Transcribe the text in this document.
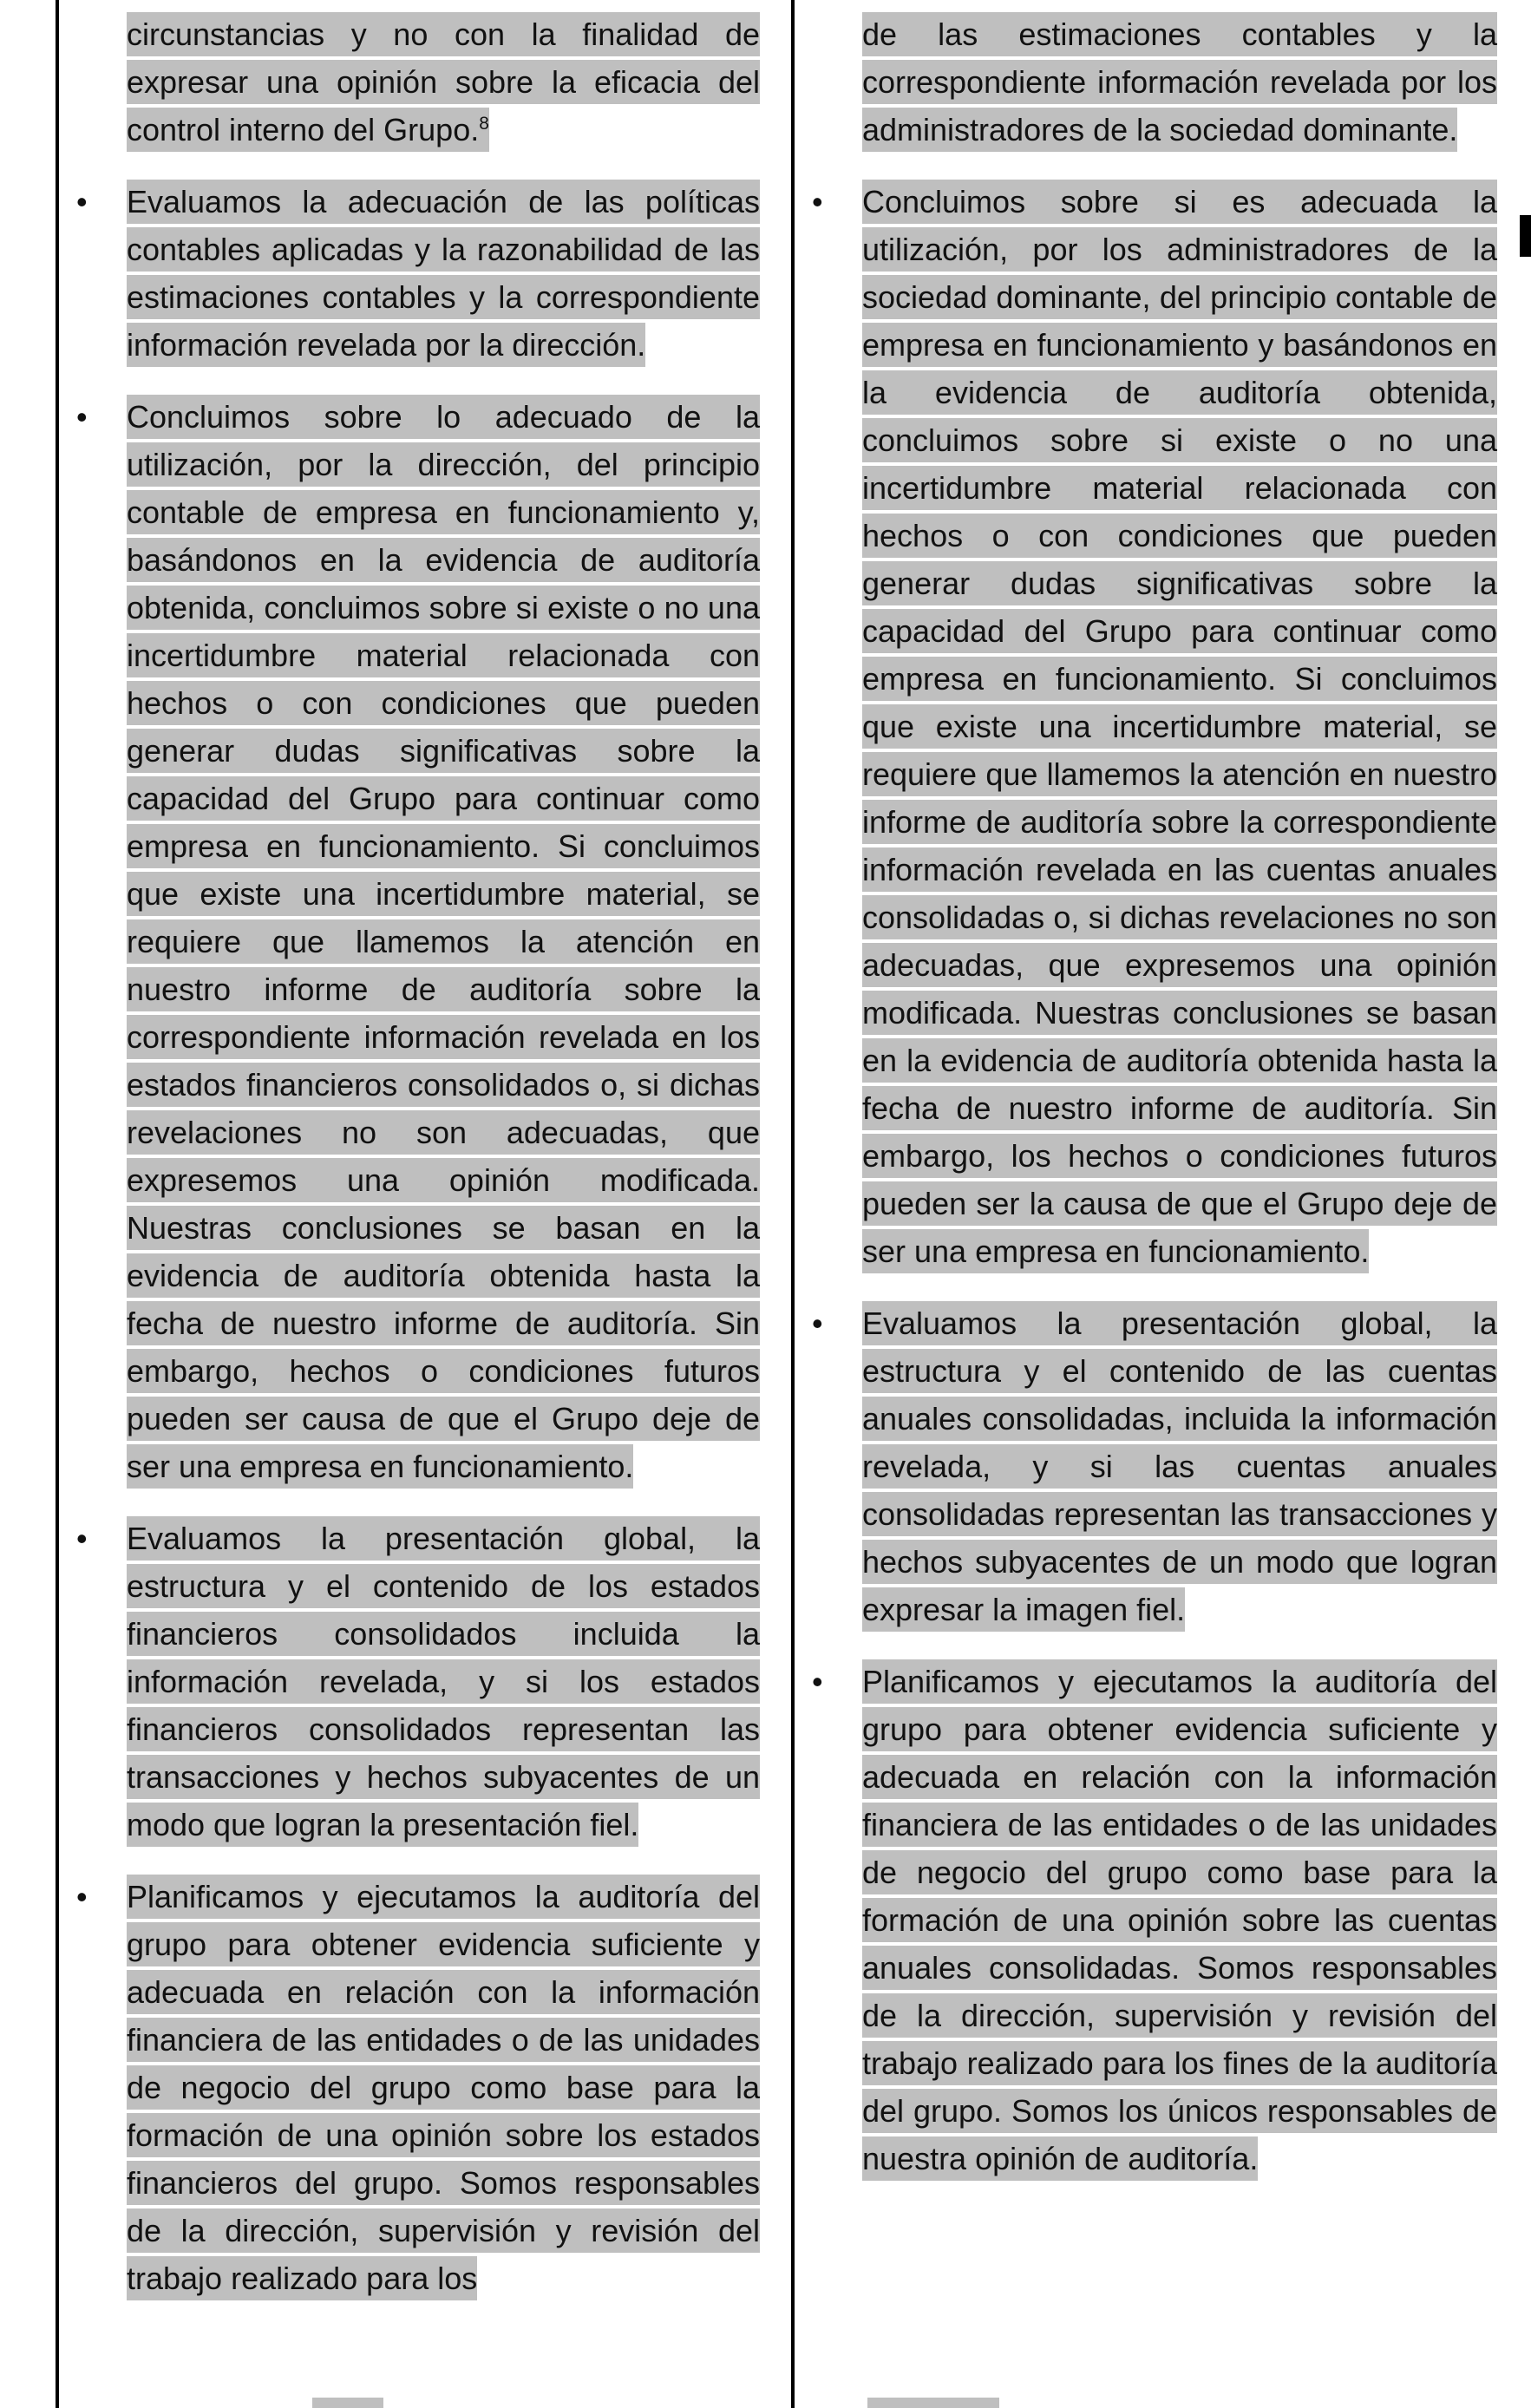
circunstancias y no con la finalidad de expresar una opinión sobre la eficacia del control interno del Grupo.$^8$
•	Evaluamos la adecuación de las políticas contables aplicadas y la razonabilidad de las estimaciones contables y la correspondiente información revelada por la dirección.
•	Concluimos sobre lo adecuado de la utilización, por la dirección, del principio contable de empresa en funcionamiento y, basándonos en la evidencia de auditoría obtenida, concluimos sobre si existe o no una incertidumbre material relacionada con hechos o con condiciones que pueden generar dudas significativas sobre la capacidad del Grupo para continuar como empresa en funcionamiento. Si concluimos que existe una incertidumbre material, se requiere que llamemos la atención en nuestro informe de auditoría sobre la correspondiente información revelada en los estados financieros consolidados o, si dichas revelaciones no son adecuadas, que expresemos una opinión modificada. Nuestras conclusiones se basan en la evidencia de auditoría obtenida hasta la fecha de nuestro informe de auditoría. Sin embargo, hechos o condiciones futuros pueden ser causa de que el Grupo deje de ser una empresa en funcionamiento.
•	Evaluamos la presentación global, la estructura y el contenido de los estados financieros consolidados incluida la información revelada, y si los estados financieros consolidados representan las transacciones y hechos subyacentes de un modo que logran la presentación fiel.
•	Planificamos y ejecutamos la auditoría del grupo para obtener evidencia suficiente y adecuada en relación con la información financiera de las entidades o de las unidades de negocio del grupo como base para la formación de una opinión sobre los estados financieros del grupo. Somos responsables de la dirección, supervisión y revisión del trabajo realizado para los
de las estimaciones contables y la correspondiente información revelada por los administradores de la sociedad dominante.
•	Concluimos sobre si es adecuada la utilización, por los administradores de la sociedad dominante, del principio contable de empresa en funcionamiento y basándonos en la evidencia de auditoría obtenida, concluimos sobre si existe o no una incertidumbre material relacionada con hechos o con condiciones que pueden generar dudas significativas sobre la capacidad del Grupo para continuar como empresa en funcionamiento. Si concluimos que existe una incertidumbre material, se requiere que llamemos la atención en nuestro informe de auditoría sobre la correspondiente información revelada en las cuentas anuales consolidadas o, si dichas revelaciones no son adecuadas, que expresemos una opinión modificada. Nuestras conclusiones se basan en la evidencia de auditoría obtenida hasta la fecha de nuestro informe de auditoría. Sin embargo, los hechos o condiciones futuros pueden ser la causa de que el Grupo deje de ser una empresa en funcionamiento.
•	Evaluamos la presentación global, la estructura y el contenido de las cuentas anuales consolidadas, incluida la información revelada, y si las cuentas anuales consolidadas representan las transacciones y hechos subyacentes de un modo que logran expresar la imagen fiel.
•	Planificamos y ejecutamos la auditoría del grupo para obtener evidencia suficiente y adecuada en relación con la información financiera de las entidades o de las unidades de negocio del grupo como base para la formación de una opinión sobre las cuentas anuales consolidadas. Somos responsables de la dirección, supervisión y revisión del trabajo realizado para los fines de la auditoría del grupo. Somos los únicos responsables de nuestra opinión de auditoría.
